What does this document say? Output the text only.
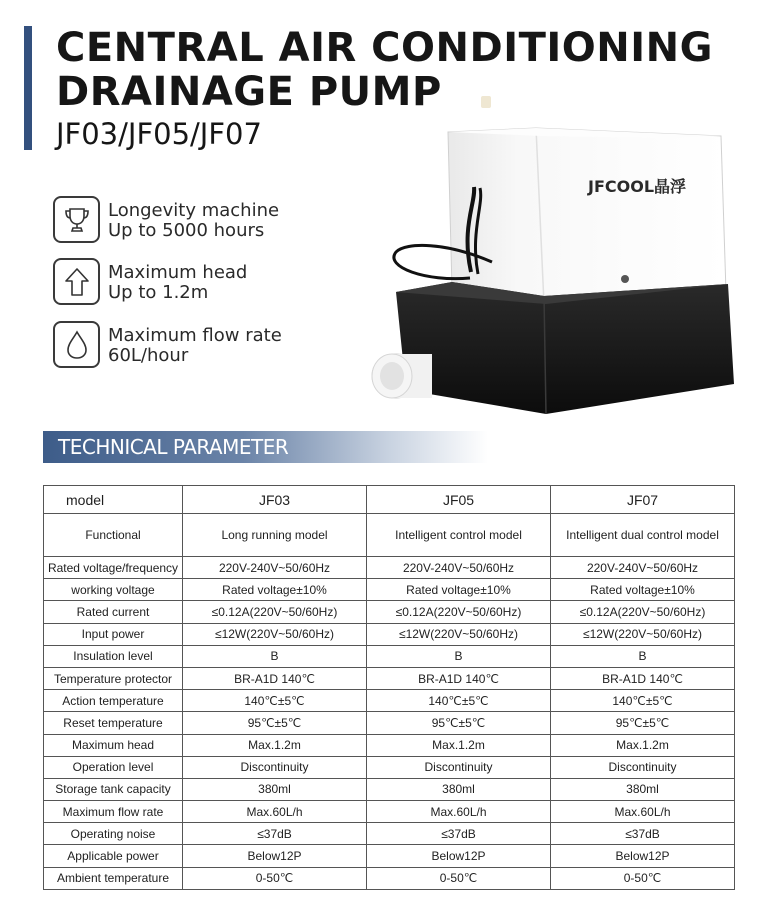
CENTRAL AIR CONDITIONING
DRAINAGE PUMP
JF03/JF05/JF07
Longevity machine
Up to 5000 hours
Maximum head
Up to 1.2m
Maximum flow rate
60L/hour
JFCOOL晶浮
TECHNICAL PARAMETER
model	JF03	JF05	JF07
Functional	Long running model	Intelligent control model	Intelligent dual control model
Rated voltage/frequency	220V-240V~50/60Hz	220V-240V~50/60Hz	220V-240V~50/60Hz
working voltage	Rated voltage±10%	Rated voltage±10%	Rated voltage±10%
Rated current	≤0.12A(220V~50/60Hz)	≤0.12A(220V~50/60Hz)	≤0.12A(220V~50/60Hz)
Input power	≤12W(220V~50/60Hz)	≤12W(220V~50/60Hz)	≤12W(220V~50/60Hz)
Insulation level	B	B	B
Temperature protector	BR-A1D 140℃	BR-A1D 140℃	BR-A1D 140℃
Action temperature	140℃±5℃	140℃±5℃	140℃±5℃
Reset temperature	95℃±5℃	95℃±5℃	95℃±5℃
Maximum head	Max.1.2m	Max.1.2m	Max.1.2m
Operation level	Discontinuity	Discontinuity	Discontinuity
Storage tank capacity	380ml	380ml	380ml
Maximum flow rate	Max.60L/h	Max.60L/h	Max.60L/h
Operating noise	≤37dB	≤37dB	≤37dB
Applicable power	Below12P	Below12P	Below12P
Ambient temperature	0-50℃	0-50℃	0-50℃
